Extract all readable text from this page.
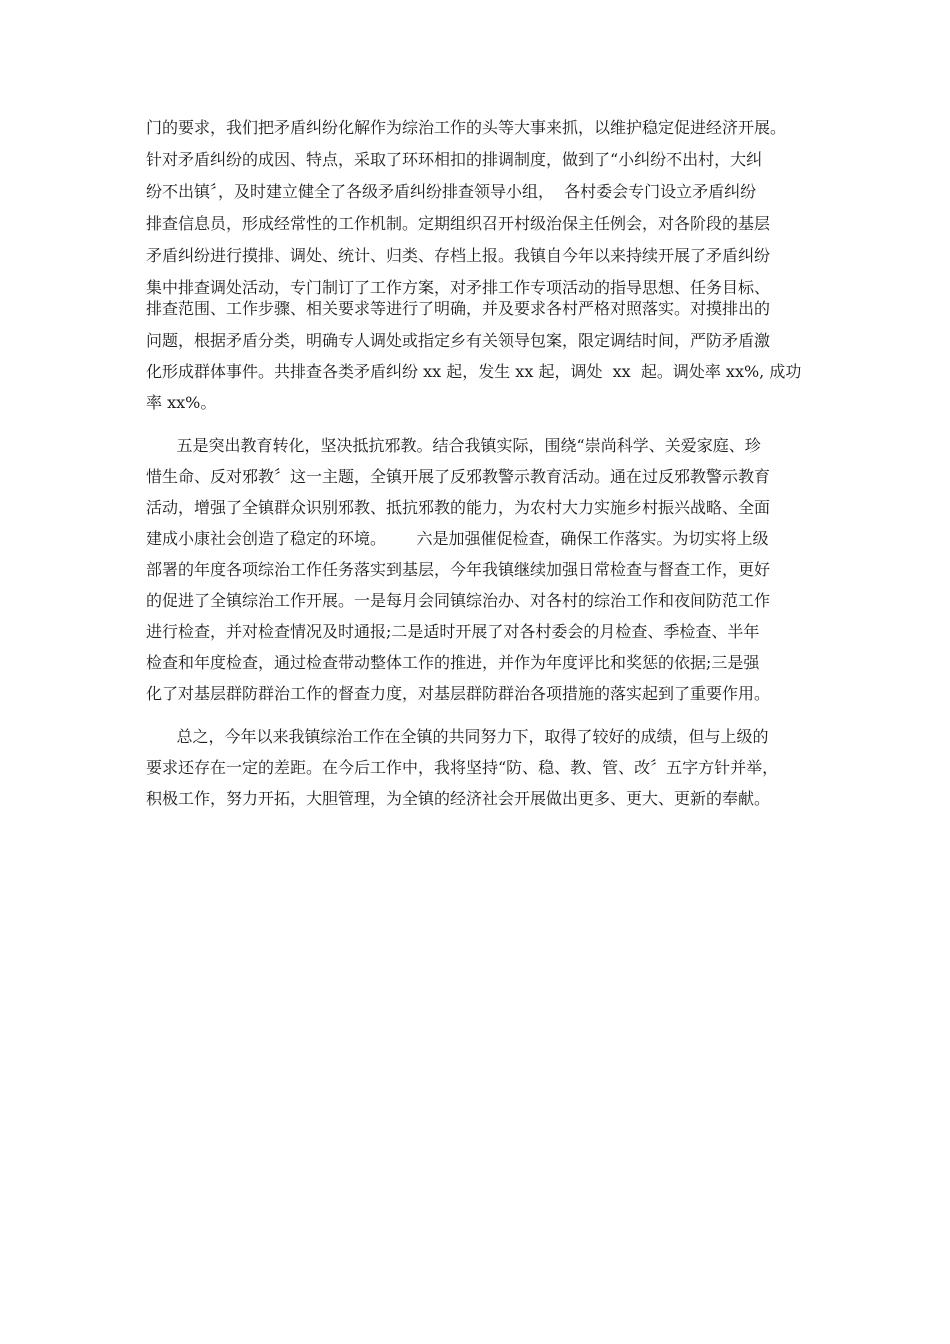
门的要求，我们把矛盾纠纷化解作为综治工作的头等大事来抓，以维护稳定促进经济开展。

针对矛盾纠纷的成因、特点，采取了环环相扣的排调制度，做到了“小纠纷不出村，大纠

纷不出镇〞，及时建立健全了各级矛盾纠纷排查领导小组，  各村委会专门设立矛盾纠纷

排查信息员，形成经常性的工作机制。定期组织召开村级治保主任例会，对各阶段的基层

矛盾纠纷进行摸排、调处、统计、归类、存档上报。我镇自今年以来持续开展了矛盾纠纷

集中排查调处活动，专门制订了工作方案，对矛排工作专项活动的指导思想、任务目标、

排查范围、工作步骤、相关要求等进行了明确，并及要求各村严格对照落实。对摸排出的

问题，根据矛盾分类，明确专人调处或指定乡有关领导包案，限定调结时间，严防矛盾激

化形成群体事件。共排查各类矛盾纠纷 xx 起，发生 xx 起，调处  xx  起。调处率 xx%, 成功

率 xx%。

五是突出教育转化，坚决抵抗邪教。结合我镇实际，围绕“崇尚科学、关爱家庭、珍

惜生命、反对邪教〞这一主题，全镇开展了反邪教警示教育活动。通在过反邪教警示教育

活动，增强了全镇群众识别邪教、抵抗邪教的能力，为农村大力实施乡村振兴战略、全面

建成小康社会创造了稳定的环境。      六是加强催促检查，确保工作落实。为切实将上级

部署的年度各项综治工作任务落实到基层，今年我镇继续加强日常检查与督查工作，更好

的促进了全镇综治工作开展。一是每月会同镇综治办、对各村的综治工作和夜间防范工作

进行检查，并对检查情况及时通报;二是适时开展了对各村委会的月检查、季检查、半年

检查和年度检查，通过检查带动整体工作的推进，并作为年度评比和奖惩的依据;三是强

化了对基层群防群治工作的督查力度，对基层群防群治各项措施的落实起到了重要作用。

总之，今年以来我镇综治工作在全镇的共同努力下，取得了较好的成绩，但与上级的

要求还存在一定的差距。在今后工作中，我将坚持“防、稳、教、管、改〞五字方针并举，

积极工作，努力开拓，大胆管理，为全镇的经济社会开展做出更多、更大、更新的奉献。
